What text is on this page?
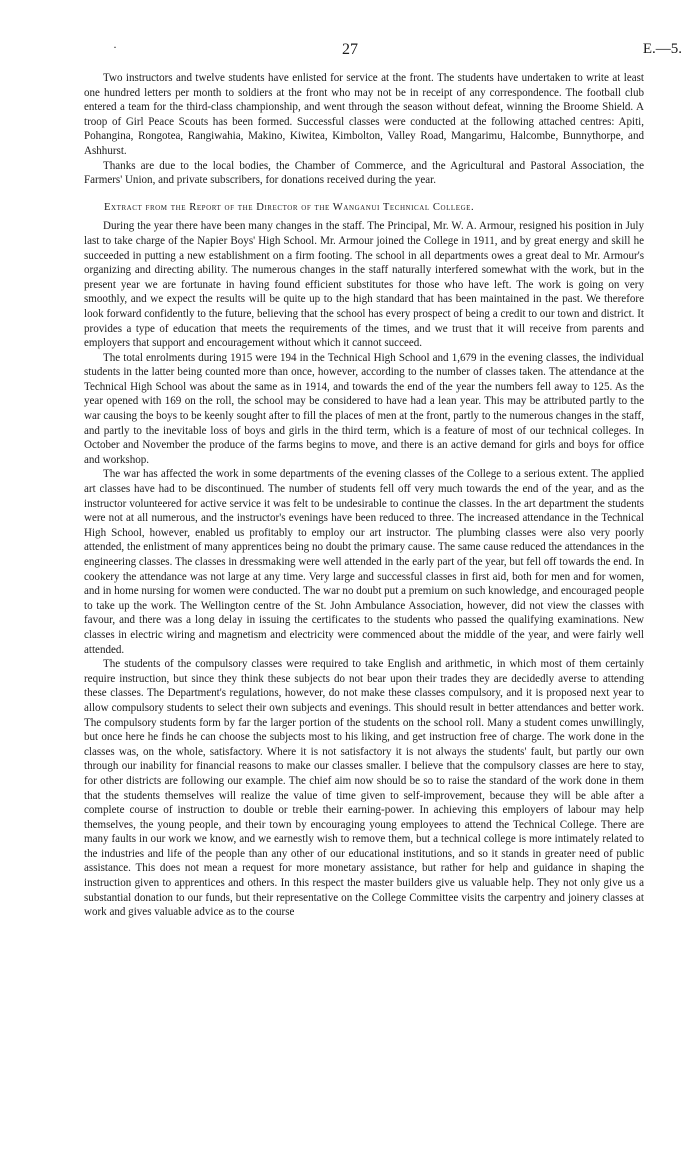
·	27	E.—5.

Two instructors and twelve students have enlisted for service at the front. The students have undertaken to write at least one hundred letters per month to soldiers at the front who may not be in receipt of any correspondence. The football club entered a team for the third-class championship, and went through the season without defeat, winning the Broome Shield. A troop of Girl Peace Scouts has been formed. Successful classes were conducted at the following attached centres: Apiti, Pohangina, Rongotea, Rangiwahia, Makino, Kiwitea, Kimbolton, Valley Road, Mangarimu, Halcombe, Bunnythorpe, and Ashhurst.

Thanks are due to the local bodies, the Chamber of Commerce, and the Agricultural and Pastoral Association, the Farmers' Union, and private subscribers, for donations received during the year.

Extract from the Report of the Director of the Wanganui Technical College.

During the year there have been many changes in the staff. The Principal, Mr. W. A. Armour, resigned his position in July last to take charge of the Napier Boys' High School. Mr. Armour joined the College in 1911, and by great energy and skill he succeeded in putting a new establishment on a firm footing. The school in all departments owes a great deal to Mr. Armour's organizing and directing ability. The numerous changes in the staff naturally interfered somewhat with the work, but in the present year we are fortunate in having found efficient substitutes for those who have left. The work is going on very smoothly, and we expect the results will be quite up to the high standard that has been maintained in the past. We therefore look forward confidently to the future, believing that the school has every prospect of being a credit to our town and district. It provides a type of education that meets the requirements of the times, and we trust that it will receive from parents and employers that support and encouragement without which it cannot succeed.

The total enrolments during 1915 were 194 in the Technical High School and 1,679 in the evening classes, the individual students in the latter being counted more than once, however, according to the number of classes taken. The attendance at the Technical High School was about the same as in 1914, and towards the end of the year the numbers fell away to 125. As the year opened with 169 on the roll, the school may be considered to have had a lean year. This may be attributed partly to the war causing the boys to be keenly sought after to fill the places of men at the front, partly to the numerous changes in the staff, and partly to the inevitable loss of boys and girls in the third term, which is a feature of most of our technical colleges. In October and November the produce of the farms begins to move, and there is an active demand for girls and boys for office and workshop.

The war has affected the work in some departments of the evening classes of the College to a serious extent. The applied art classes have had to be discontinued. The number of students fell off very much towards the end of the year, and as the instructor volunteered for active service it was felt to be undesirable to continue the classes. In the art department the students were not at all numerous, and the instructor's evenings have been reduced to three. The increased attendance in the Technical High School, however, enabled us profitably to employ our art instructor. The plumbing classes were also very poorly attended, the enlistment of many apprentices being no doubt the primary cause. The same cause reduced the attendances in the engineering classes. The classes in dressmaking were well attended in the early part of the year, but fell off towards the end. In cookery the attendance was not large at any time. Very large and successful classes in first aid, both for men and for women, and in home nursing for women were conducted. The war no doubt put a premium on such knowledge, and encouraged people to take up the work. The Wellington centre of the St. John Ambulance Association, however, did not view the classes with favour, and there was a long delay in issuing the certificates to the students who passed the qualifying examinations. New classes in electric wiring and magnetism and electricity were commenced about the middle of the year, and were fairly well attended.

The students of the compulsory classes were required to take English and arithmetic, in which most of them certainly require instruction, but since they think these subjects do not bear upon their trades they are decidedly averse to attending these classes. The Department's regulations, however, do not make these classes compulsory, and it is proposed next year to allow compulsory students to select their own subjects and evenings. This should result in better attendances and better work. The compulsory students form by far the larger portion of the students on the school roll. Many a student comes unwillingly, but once here he finds he can choose the subjects most to his liking, and get instruction free of charge. The work done in the classes was, on the whole, satisfactory. Where it is not satisfactory it is not always the students' fault, but partly our own through our inability for financial reasons to make our classes smaller. I believe that the compulsory classes are here to stay, for other districts are following our example. The chief aim now should be so to raise the standard of the work done in them that the students themselves will realize the value of time given to self-improvement, because they will be able after a complete course of instruction to double or treble their earning-power. In achieving this employers of labour may help themselves, the young people, and their town by encouraging young employees to attend the Technical College. There are many faults in our work we know, and we earnestly wish to remove them, but a technical college is more intimately related to the industries and life of the people than any other of our educational institutions, and so it stands in greater need of public assistance. This does not mean a request for more monetary assistance, but rather for help and guidance in shaping the instruction given to apprentices and others. In this respect the master builders give us valuable help. They not only give us a substantial donation to our funds, but their representative on the College Committee visits the carpentry and joinery classes at work and gives valuable advice as to the course
